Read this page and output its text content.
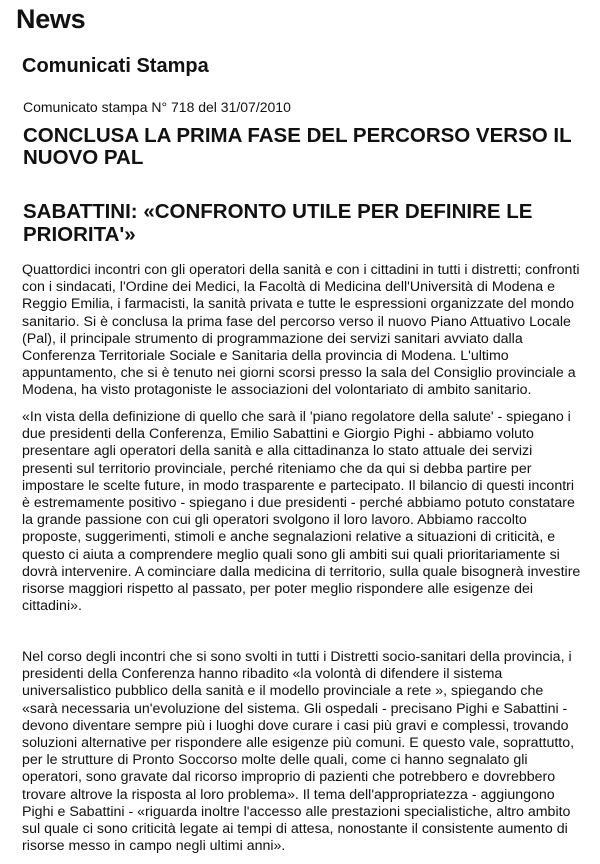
News
Comunicati Stampa
Comunicato stampa N° 718 del 31/07/2010
CONCLUSA LA PRIMA FASE DEL PERCORSO VERSO IL NUOVO PAL
SABATTINI: «CONFRONTO UTILE PER DEFINIRE LE PRIORITA'»
Quattordici incontri con gli operatori della sanità e con i cittadini in tutti i distretti; confronti con i sindacati, l'Ordine dei Medici, la Facoltà di Medicina dell'Università di Modena e Reggio Emilia, i farmacisti, la sanità privata e tutte le espressioni organizzate del mondo sanitario. Si è conclusa la prima fase del percorso verso il nuovo Piano Attuativo Locale (Pal), il principale strumento di programmazione dei servizi sanitari avviato dalla Conferenza Territoriale Sociale e Sanitaria della provincia di Modena. L'ultimo appuntamento, che si è tenuto nei giorni scorsi presso la sala del Consiglio provinciale a Modena, ha visto protagoniste le associazioni del volontariato di ambito sanitario.
«In vista della definizione di quello che sarà il 'piano regolatore della salute' - spiegano i due presidenti della Conferenza, Emilio Sabattini e Giorgio Pighi - abbiamo voluto presentare agli operatori della sanità e alla cittadinanza lo stato attuale dei servizi presenti sul territorio provinciale, perché riteniamo che da qui si debba partire per impostare le scelte future, in modo trasparente e partecipato. Il bilancio di questi incontri è estremamente positivo - spiegano i due presidenti - perché abbiamo potuto constatare la grande passione con cui gli operatori svolgono il loro lavoro. Abbiamo raccolto proposte, suggerimenti, stimoli e anche segnalazioni relative a situazioni di criticità, e questo ci aiuta a comprendere meglio quali sono gli ambiti sui quali prioritariamente si dovrà intervenire. A cominciare dalla medicina di territorio, sulla quale bisognerà investire risorse maggiori rispetto al passato, per poter meglio rispondere alle esigenze dei cittadini».
Nel corso degli incontri che si sono svolti in tutti i Distretti socio-sanitari della provincia, i presidenti della Conferenza hanno ribadito «la volontà di difendere il sistema universalistico pubblico della sanità e il modello provinciale a rete », spiegando che «sarà necessaria un'evoluzione del sistema. Gli ospedali - precisano Pighi e Sabattini - devono diventare sempre più i luoghi dove curare i casi più gravi e complessi, trovando soluzioni alternative per rispondere alle esigenze più comuni. E questo vale, soprattutto, per le strutture di Pronto Soccorso molte delle quali, come ci hanno segnalato gli operatori, sono gravate dal ricorso improprio di pazienti che potrebbero e dovrebbero trovare altrove la risposta al loro problema». Il tema dell'appropriatezza - aggiungono Pighi e Sabattini - «riguarda inoltre l'accesso alle prestazioni specialistiche, altro ambito sul quale ci sono criticità legate ai tempi di attesa, nonostante il consistente aumento di risorse messo in campo negli ultimi anni».
